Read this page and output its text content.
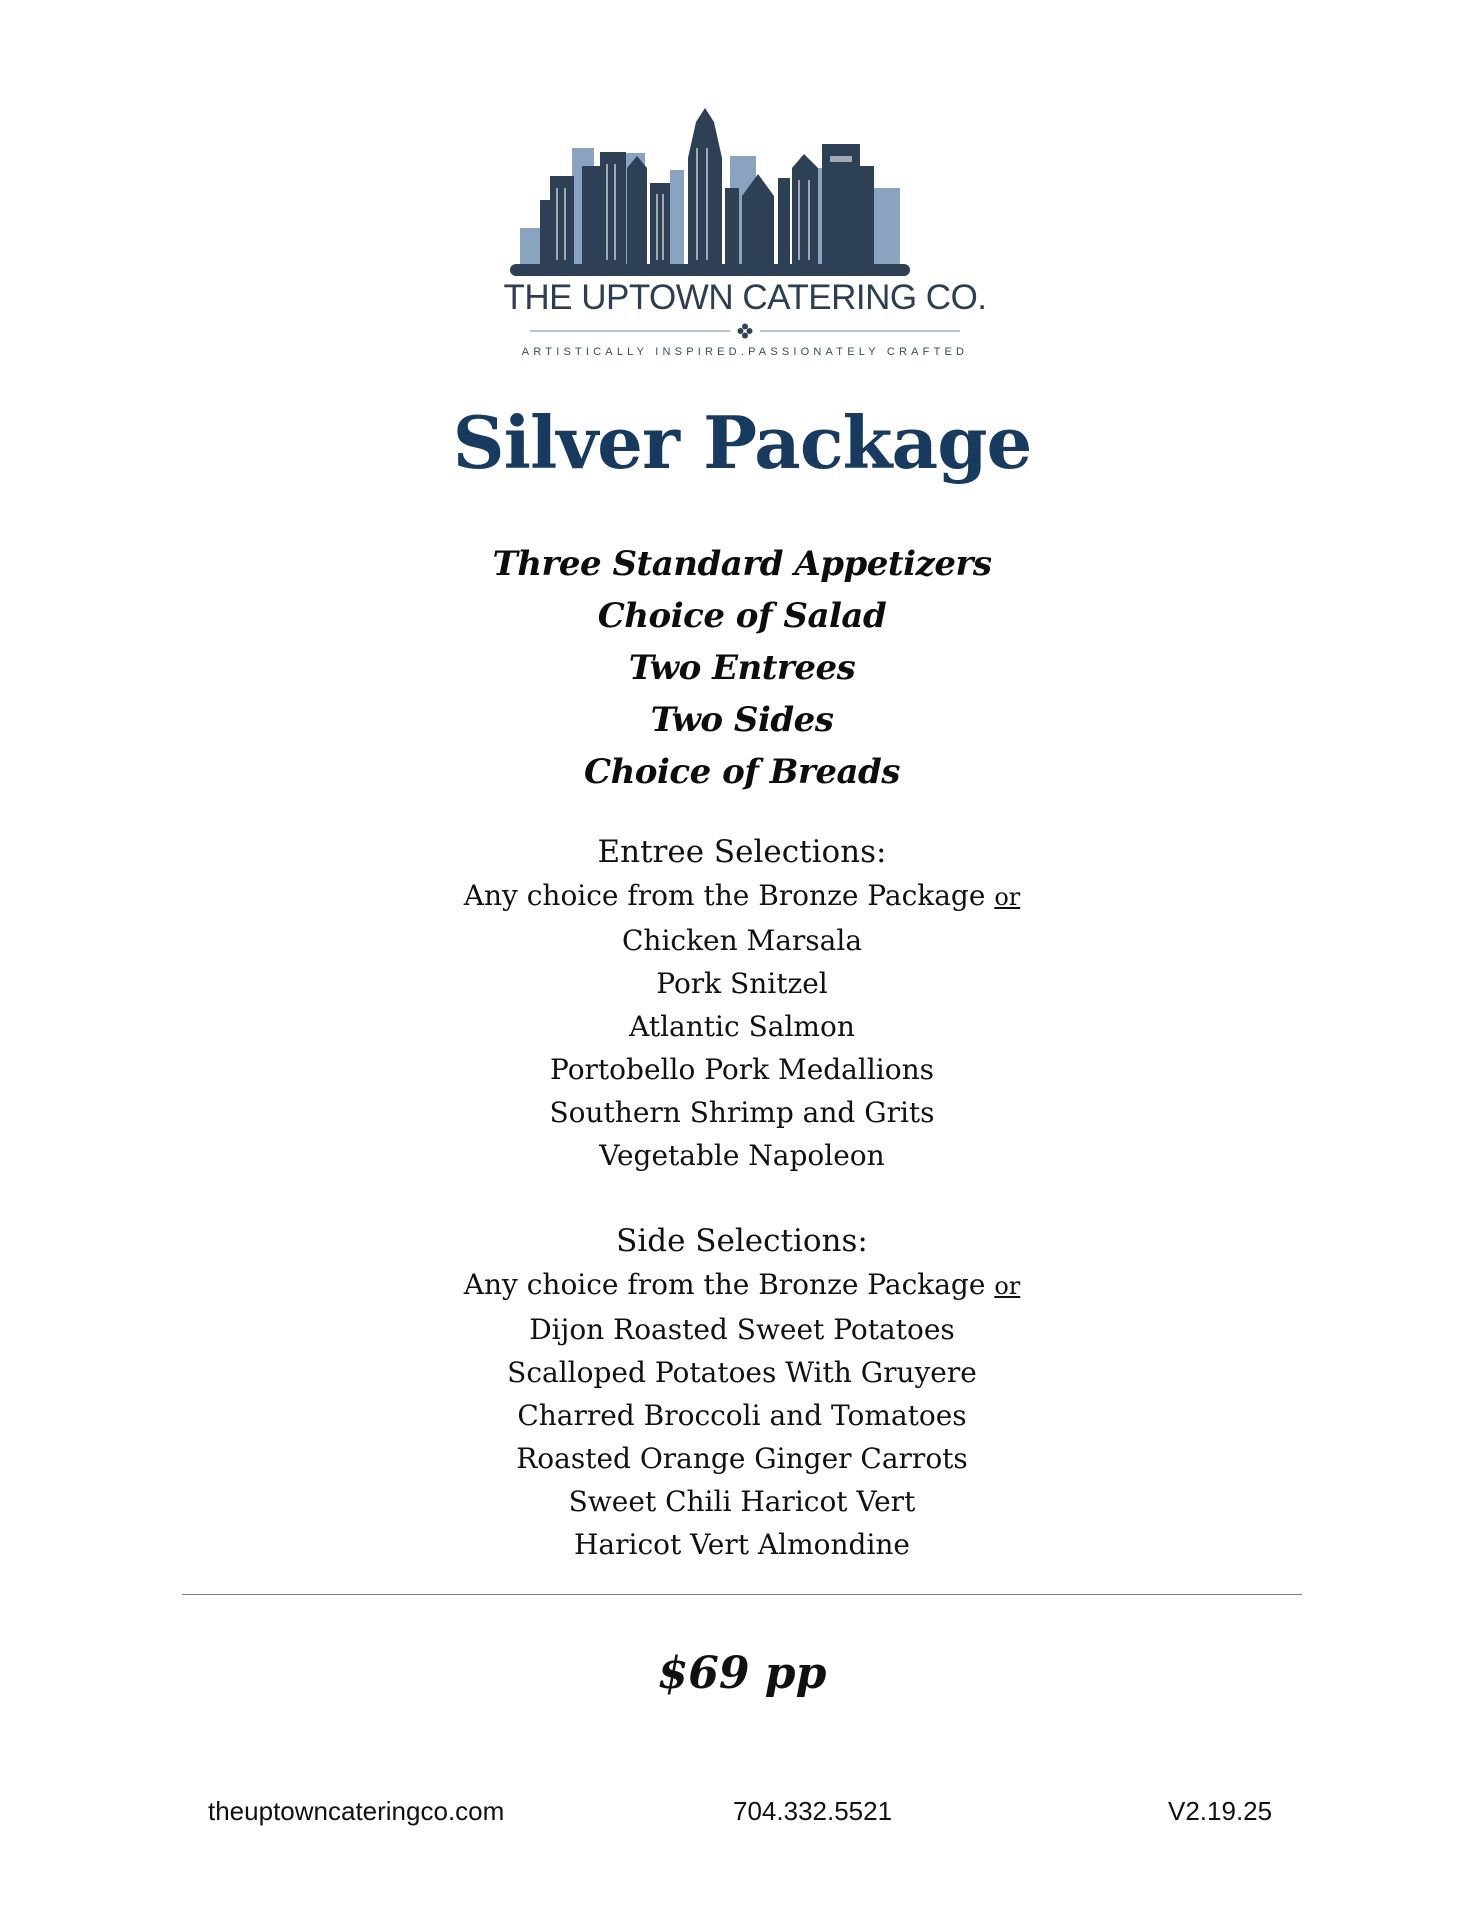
THE UPTOWN CATERING CO.
ARTISTICALLY INSPIRED.PASSIONATELY CRAFTED
Silver Package
Three Standard Appetizers
Choice of Salad
Two Entrees
Two Sides
Choice of Breads
Entree Selections:
Any choice from the Bronze Package or
Chicken Marsala
Pork Snitzel
Atlantic Salmon
Portobello Pork Medallions
Southern Shrimp and Grits
Vegetable Napoleon
Side Selections:
Any choice from the Bronze Package or
Dijon Roasted Sweet Potatoes
Scalloped Potatoes With Gruyere
Charred Broccoli and Tomatoes
Roasted Orange Ginger Carrots
Sweet Chili Haricot Vert
Haricot Vert Almondine
$69 pp
theuptowncateringco.com	704.332.5521	V2.19.25
